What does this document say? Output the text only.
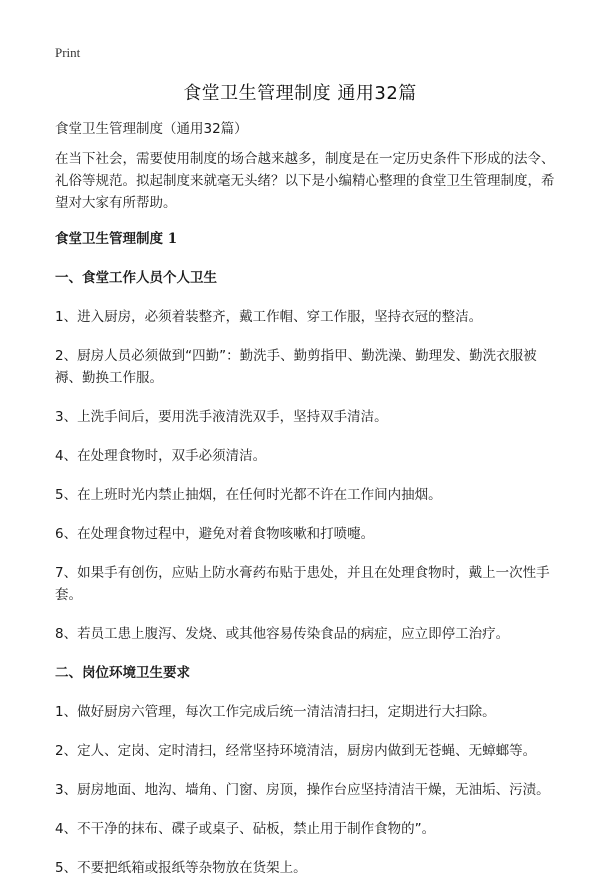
Print
食堂卫生管理制度 通用32篇

食堂卫生管理制度（通用32篇）

在当下社会，需要使用制度的场合越来越多，制度是在一定历史条件下形成的法令、礼俗等规范。拟起制度来就毫无头绪？以下是小编精心整理的食堂卫生管理制度，希望对大家有所帮助。

食堂卫生管理制度 1

一、食堂工作人员个人卫生

1、进入厨房，必须着装整齐，戴工作帽、穿工作服，坚持衣冠的整洁。

2、厨房人员必须做到“四勤”：勤洗手、勤剪指甲、勤洗澡、勤理发、勤洗衣服被褥、勤换工作服。

3、上洗手间后，要用洗手液清洗双手，坚持双手清洁。

4、在处理食物时，双手必须清洁。

5、在上班时光内禁止抽烟，在任何时光都不许在工作间内抽烟。

6、在处理食物过程中，避免对着食物咳嗽和打喷嚏。

7、如果手有创伤，应贴上防水膏药布贴于患处，并且在处理食物时，戴上一次性手套。

8、若员工患上腹泻、发烧、或其他容易传染食品的病症，应立即停工治疗。

二、岗位环境卫生要求

1、做好厨房六管理，每次工作完成后统一清洁清扫扫，定期进行大扫除。

2、定人、定岗、定时清扫，经常坚持环境清洁，厨房内做到无苍蝇、无蟑螂等。

3、厨房地面、地沟、墙角、门窗、房顶，操作台应坚持清洁干燥，无油垢、污渍。

4、不干净的抹布、碟子或桌子、砧板，禁止用于制作食物的”。

5、不要把纸箱或报纸等杂物放在货架上。
